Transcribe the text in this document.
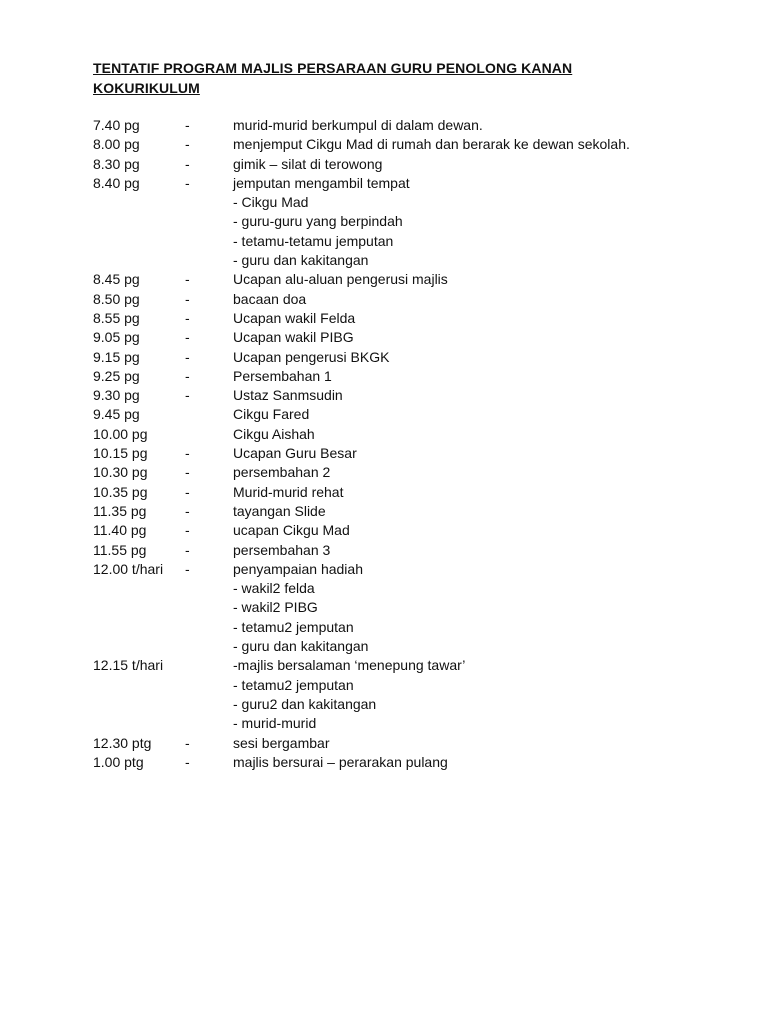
TENTATIF PROGRAM MAJLIS PERSARAAN GURU PENOLONG KANAN KOKURIKULUM
7.40 pg	-	murid-murid berkumpul di dalam dewan.
8.00 pg	-	menjemput Cikgu Mad di rumah dan berarak ke dewan sekolah.
8.30 pg	-	gimik – silat di terowong
8.40 pg	-	jemputan mengambil tempat
- Cikgu Mad
- guru-guru yang berpindah
- tetamu-tetamu jemputan
- guru dan kakitangan
8.45 pg	-	Ucapan alu-aluan pengerusi majlis
8.50 pg	-	bacaan doa
8.55 pg	-	Ucapan wakil Felda
9.05 pg	-	Ucapan wakil PIBG
9.15 pg	-	Ucapan pengerusi BKGK
9.25 pg	-	Persembahan 1
9.30 pg	-	Ustaz Sanmsudin
9.45 pg	Cikgu Fared
10.00 pg	Cikgu Aishah
10.15 pg	-	Ucapan Guru Besar
10.30 pg	-	persembahan 2
10.35 pg	-	Murid-murid rehat
11.35 pg	-	tayangan Slide
11.40 pg	-	ucapan Cikgu Mad
11.55 pg	-	persembahan 3
12.00 t/hari	-	penyampaian hadiah
- wakil2 felda
- wakil2 PIBG
- tetamu2 jemputan
- guru dan kakitangan
12.15 t/hari	-majlis bersalaman ‘menepung tawar’
- tetamu2 jemputan
- guru2 dan kakitangan
- murid-murid
12.30 ptg	-	sesi bergambar
1.00 ptg	-	majlis bersurai – perarakan pulang
